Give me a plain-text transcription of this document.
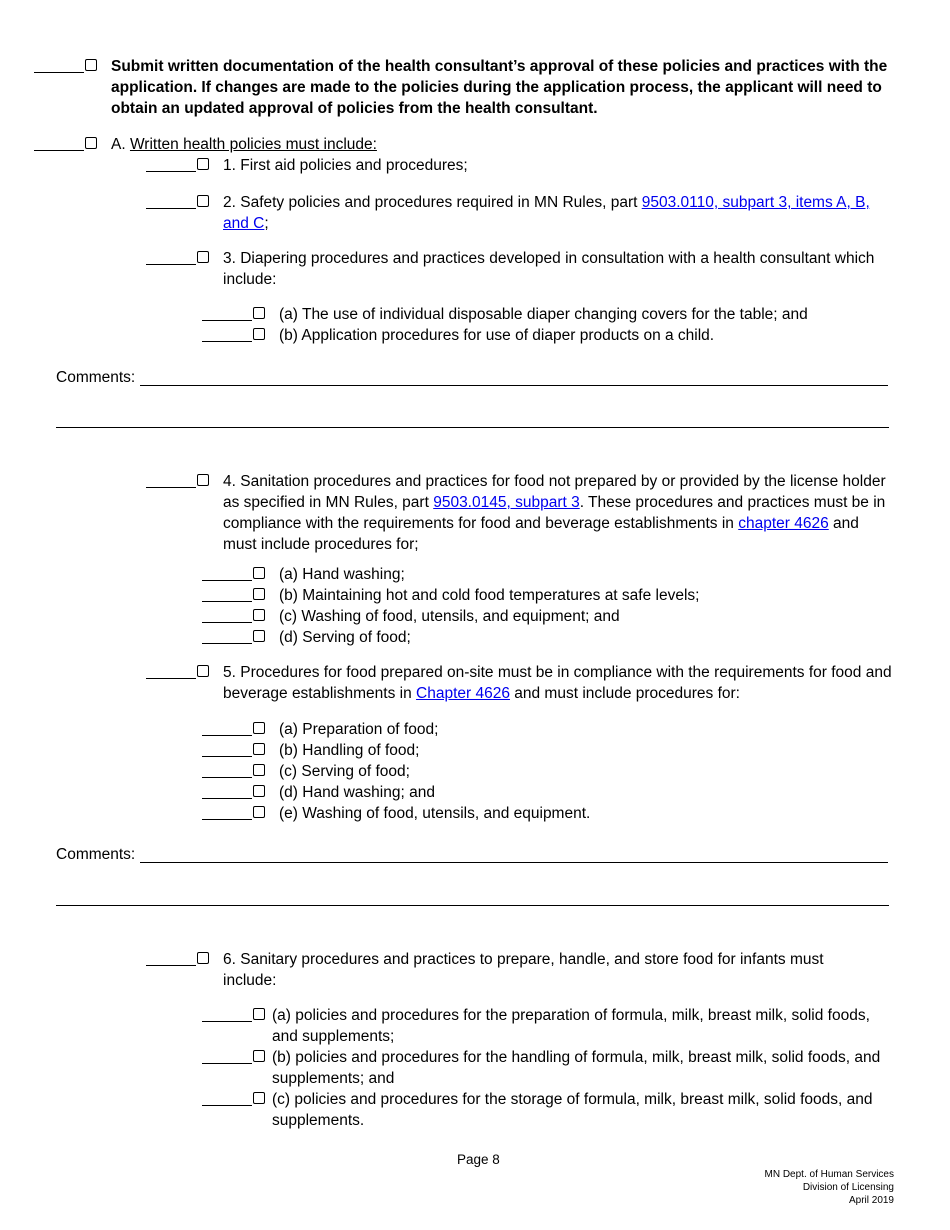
Submit written documentation of the health consultant’s approval of these policies and practices with the application. If changes are made to the policies during the application process, the applicant will need to obtain an updated approval of policies from the health consultant.
A. Written health policies must include:
1. First aid policies and procedures;
2. Safety policies and procedures required in MN Rules, part 9503.0110, subpart 3, items A, B, and C;
3. Diapering procedures and practices developed in consultation with a health consultant which include:
(a) The use of individual disposable diaper changing covers for the table; and
(b) Application procedures for use of diaper products on a child.
Comments:
4. Sanitation procedures and practices for food not prepared by or provided by the license holder as specified in MN Rules, part 9503.0145, subpart 3. These procedures and practices must be in compliance with the requirements for food and beverage establishments in chapter 4626 and must include procedures for;
(a) Hand washing;
(b) Maintaining hot and cold food temperatures at safe levels;
(c) Washing of food, utensils, and equipment; and
(d) Serving of food;
5. Procedures for food prepared on-site must be in compliance with the requirements for food and beverage establishments in Chapter 4626 and must include procedures for:
(a) Preparation of food;
(b) Handling of food;
(c) Serving of food;
(d) Hand washing; and
(e) Washing of food, utensils, and equipment.
Comments:
6. Sanitary procedures and practices to prepare, handle, and store food for infants must include:
(a) policies and procedures for the preparation of formula, milk, breast milk, solid foods, and supplements;
(b) policies and procedures for the handling of formula, milk, breast milk, solid foods, and supplements; and
(c) policies and procedures for the storage of formula, milk, breast milk, solid foods, and supplements.
Page 8
MN Dept. of Human Services
Division of Licensing
April 2019
